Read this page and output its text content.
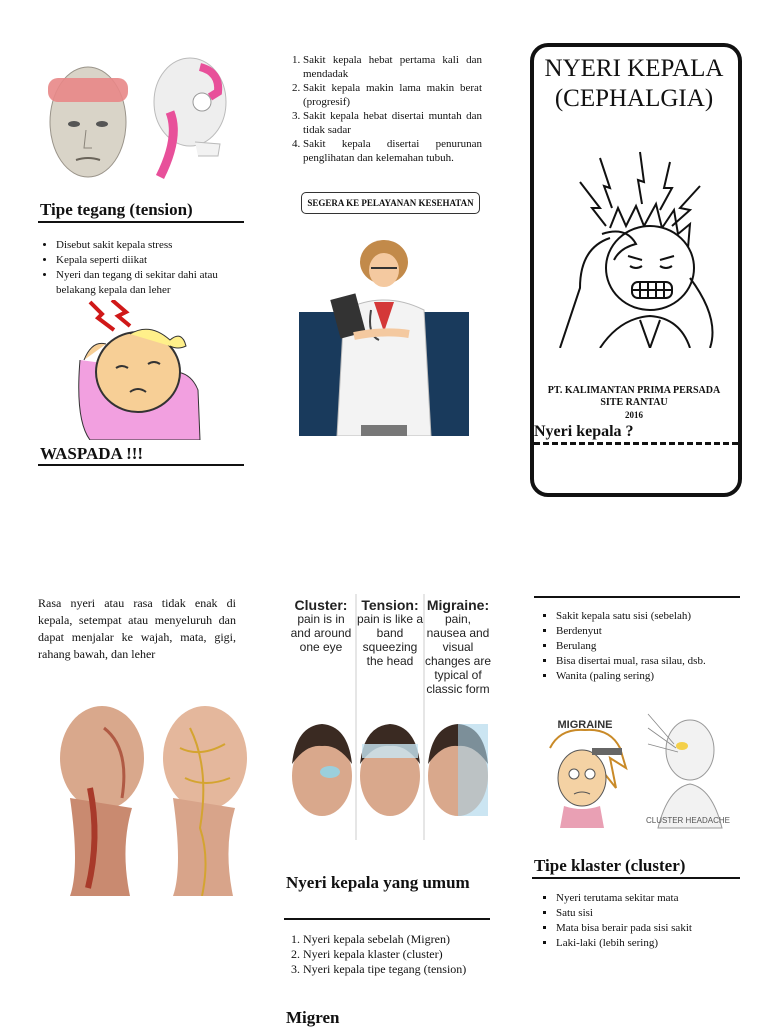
Tipe tegang (tension)
• Disebut sakit kepala stress
• Kepala seperti diikat
• Nyeri dan tegang di sekitar dahi atau belakang kepala dan leher
WASPADA !!!
1. Sakit kepala hebat pertama kali dan mendadak
2. Sakit kepala makin lama makin berat (progresif)
3. Sakit kepala hebat disertai muntah dan tidak sadar
4. Sakit kepala disertai penurunan penglihatan dan kelemahan tubuh.
SEGERA KE PELAYANAN KESEHATAN
NYERI KEPALA
(CEPHALGIA)
PT. KALIMANTAN PRIMA PERSADA
SITE RANTAU
2016
Nyeri kepala ?
Rasa nyeri atau rasa tidak enak di kepala, setempat atau menyeluruh dan dapat menjalar ke wajah, mata, gigi, rahang bawah, dan leher
Cluster:
pain is in and around one eye
Tension:
pain is like a band squeezing the head
Migraine:
pain, nausea and visual changes are typical of classic form
Nyeri kepala yang umum
1. Nyeri kepala sebelah (Migren)
2. Nyeri kepala klaster (cluster)
3. Nyeri kepala tipe tegang (tension)
Migren
▪ Sakit kepala satu sisi (sebelah)
▪ Berdenyut
▪ Berulang
▪ Bisa disertai mual, rasa silau, dsb.
▪ Wanita (paling sering)
MIGRAINE
CLUSTER HEADACHE
Tipe klaster (cluster)
▪ Nyeri terutama sekitar mata
▪ Satu sisi
▪ Mata bisa berair pada sisi sakit
▪ Laki-laki (lebih sering)
